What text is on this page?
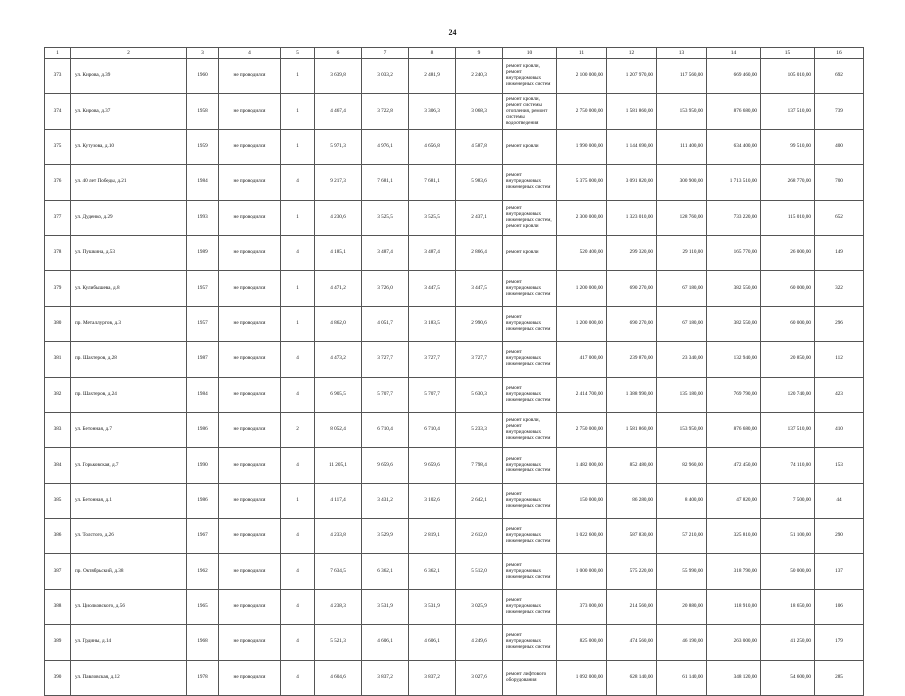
24
1	2	3	4	5	6	7	8	9	10	11	12	13	14	15	16
373	ул. Кирова, д.39	1960	не проводился	1	3 639,8	3 033,2	2 481,9	2 240,3	ремонт кровли, ремонт внутридомовых инженерных систем	2 100 000,00	1 207 970,00	117 560,00	669 460,00	105 010,00	692
374	ул. Кирова, д.37	1958	не проводился	1	4 467,4	3 722,8	3 306,3	3 068,3	ремонт кровли, ремонт системы отопления, ремонт системы водоотведения	2 750 000,00	1 581 860,00	153 950,00	876 680,00	137 510,00	739
375	ул. Кутузова, д.10	1959	не проводился	1	5 971,3	4 976,1	4 656,8	4 587,8	ремонт кровли	1 990 000,00	1 144 690,00	111 400,00	634 400,00	99 510,00	400
376	ул. 40 лет Победы, д.21	1984	не проводился	4	9 217,3	7 681,1	7 681,1	5 983,6	ремонт внутридомовых инженерных систем	5 375 000,00	3 091 820,00	300 900,00	1 713 510,00	268 770,00	700
377	ул. Дуденко, д.29	1993	не проводился	1	4 230,6	3 525,5	3 525,5	2 437,1	ремонт внутридомовых инженерных систем, ремонт кровли	2 300 000,00	1 323 010,00	128 760,00	733 220,00	115 010,00	652
378	ул. Пушкина, д.53	1989	не проводился	4	4 185,1	3 487,4	3 487,4	2 866,4	ремонт кровли	520 400,00	299 320,00	29 110,00	165 770,00	26 000,00	149
379	ул. Кулибышева, д.8	1957	не проводился	1	4 471,2	3 726,0	3 447,5	3 447,5	ремонт внутридомовых инженерных систем	1 200 000,00	690 270,00	67 180,00	382 550,00	60 000,00	322
380	пр. Металлургов, д.3	1957	не проводился	1	4 862,0	4 051,7	3 183,5	2 990,6	ремонт внутридомовых инженерных систем	1 200 000,00	690 270,00	67 180,00	382 550,00	60 000,00	296
381	пр. Шахтеров, д.28	1987	не проводился	4	4 473,2	3 727,7	3 727,7	3 727,7	ремонт внутридомовых инженерных систем	417 000,00	239 870,00	23 340,00	132 940,00	20 850,00	112
382	пр. Шахтеров, д.24	1984	не проводился	4	6 905,5	5 707,7	5 707,7	5 630,3	ремонт внутридомовых инженерных систем	2 414 700,00	1 388 990,00	135 180,00	769 790,00	120 740,00	423
383	ул. Бетонная, д.7	1986	не проводился	2	8 052,4	6 710,4	6 710,4	5 233,3	ремонт кровли, ремонт внутридомовых инженерных систем	2 750 000,00	1 581 860,00	153 950,00	876 680,00	137 510,00	410
384	ул. Горьковская, д.7	1990	не проводился	4	11 205,1	9 659,6	9 659,6	7 798,4	ремонт внутридомовых инженерных систем	1 482 000,00	852 480,00	82 960,00	472 450,00	74 110,00	153
385	ул. Бетонная, д.1	1986	не проводился	1	4 117,4	3 431,2	3 102,6	2 642,1	ремонт внутридомовых инженерных систем	150 000,00	86 280,00	8 400,00	47 820,00	7 500,00	44
386	ул. Толстого, д.26	1967	не проводился	4	4 233,8	3 529,9	2 819,1	2 612,0	ремонт внутридомовых инженерных систем	1 022 600,00	587 830,00	57 210,00	325 810,00	51 100,00	290
387	пр. Октябрьский, д.38	1962	не проводился	4	7 634,5	6 362,1	6 362,1	5 512,0	ремонт внутридомовых инженерных систем	1 000 000,00	575 220,00	55 990,00	318 790,00	50 000,00	137
388	ул. Циолковского, д.56	1965	не проводился	4	4 238,3	3 531,9	3 531,9	3 025,9	ремонт внутридомовых инженерных систем	373 000,00	214 560,00	20 880,00	118 910,00	18 650,00	106
389	ул. Грдины, д.14	1968	не проводился	4	5 521,3	4 606,1	4 606,1	4 249,6	ремонт внутридомовых инженерных систем	825 000,00	474 560,00	46 190,00	263 000,00	41 250,00	179
390	ул. Павловская, д.12	1978	не проводился	4	4 604,6	3 837,2	3 837,2	3 027,6	ремонт лифтового оборудования	1 092 000,00	628 140,00	61 140,00	348 120,00	54 600,00	285
